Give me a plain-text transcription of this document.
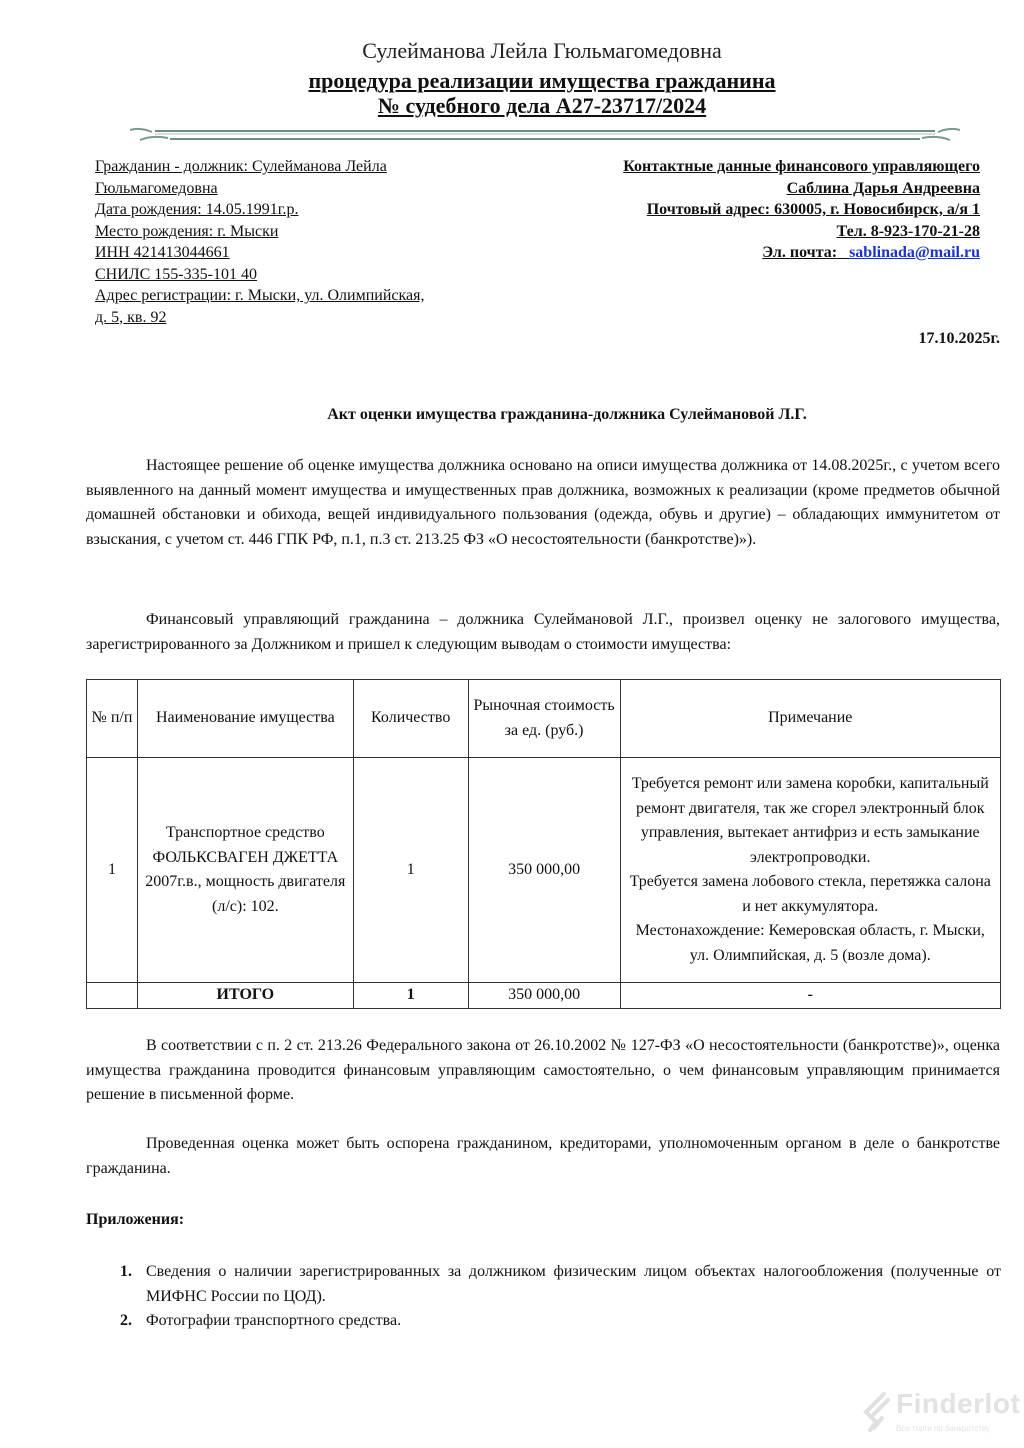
Сулейманова Лейла Гюльмагомедовна
процедура реализации имущества гражданина
№ судебного дела А27-23717/2024
Гражданин - должник: Сулейманова Лейла
Гюльмагомедовна
Дата рождения: 14.05.1991г.р.
Место рождения: г. Мыски
ИНН 421413044661
СНИЛС 155-335-101 40
Адрес регистрации: г. Мыски, ул. Олимпийская,
д. 5, кв. 92
Контактные данные финансового управляющего
Саблина Дарья Андреевна
Почтовый адрес: 630005, г. Новосибирск, а/я 1
Тел. 8-923-170-21-28
Эл. почта: sablinada@mail.ru
17.10.2025г.
Акт оценки имущества гражданина-должника Сулеймановой Л.Г.
Настоящее решение об оценке имущества должника основано на описи имущества должника от 14.08.2025г., с учетом всего выявленного на данный момент имущества и имущественных прав должника, возможных к реализации (кроме предметов обычной домашней обстановки и обихода, вещей индивидуального пользования (одежда, обувь и другие) – обладающих иммунитетом от взыскания, с учетом ст. 446 ГПК РФ, п.1, п.3 ст. 213.25 ФЗ «О несостоятельности (банкротстве)»).
Финансовый управляющий гражданина – должника Сулеймановой Л.Г., произвел оценку не залогового имущества, зарегистрированного за Должником и пришел к следующим выводам о стоимости имущества:
№ п/п	Наименование имущества	Количество	Рыночная стоимость за ед. (руб.)	Примечание
1	Транспортное средство ФОЛЬКСВАГЕН ДЖЕТТА 2007г.в., мощность двигателя (л/с): 102.	1	350 000,00	Требуется ремонт или замена коробки, капитальный ремонт двигателя, так же сгорел электронный блок управления, вытекает антифриз и есть замыкание электропроводки.
Требуется замена лобового стекла, перетяжка салона и нет аккумулятора.
Местонахождение: Кемеровская область, г. Мыски, ул. Олимпийская, д. 5 (возле дома).

	ИТОГО	1	350 000,00	-
В соответствии с п. 2 ст. 213.26 Федерального закона от 26.10.2002 № 127-ФЗ «О несостоятельности (банкротстве)», оценка имущества гражданина проводится финансовым управляющим самостоятельно, о чем финансовым управляющим принимается решение в письменной форме.
Проведенная оценка может быть оспорена гражданином, кредиторами, уполномоченным органом в деле о банкротстве гражданина.
Приложения:
1. Сведения о наличии зарегистрированных за должником физическим лицом объектах налогообложения (полученные от МИФНС России по ЦОД).
2. Фотографии транспортного средства.
Finderlot
Все торги по банкротству
